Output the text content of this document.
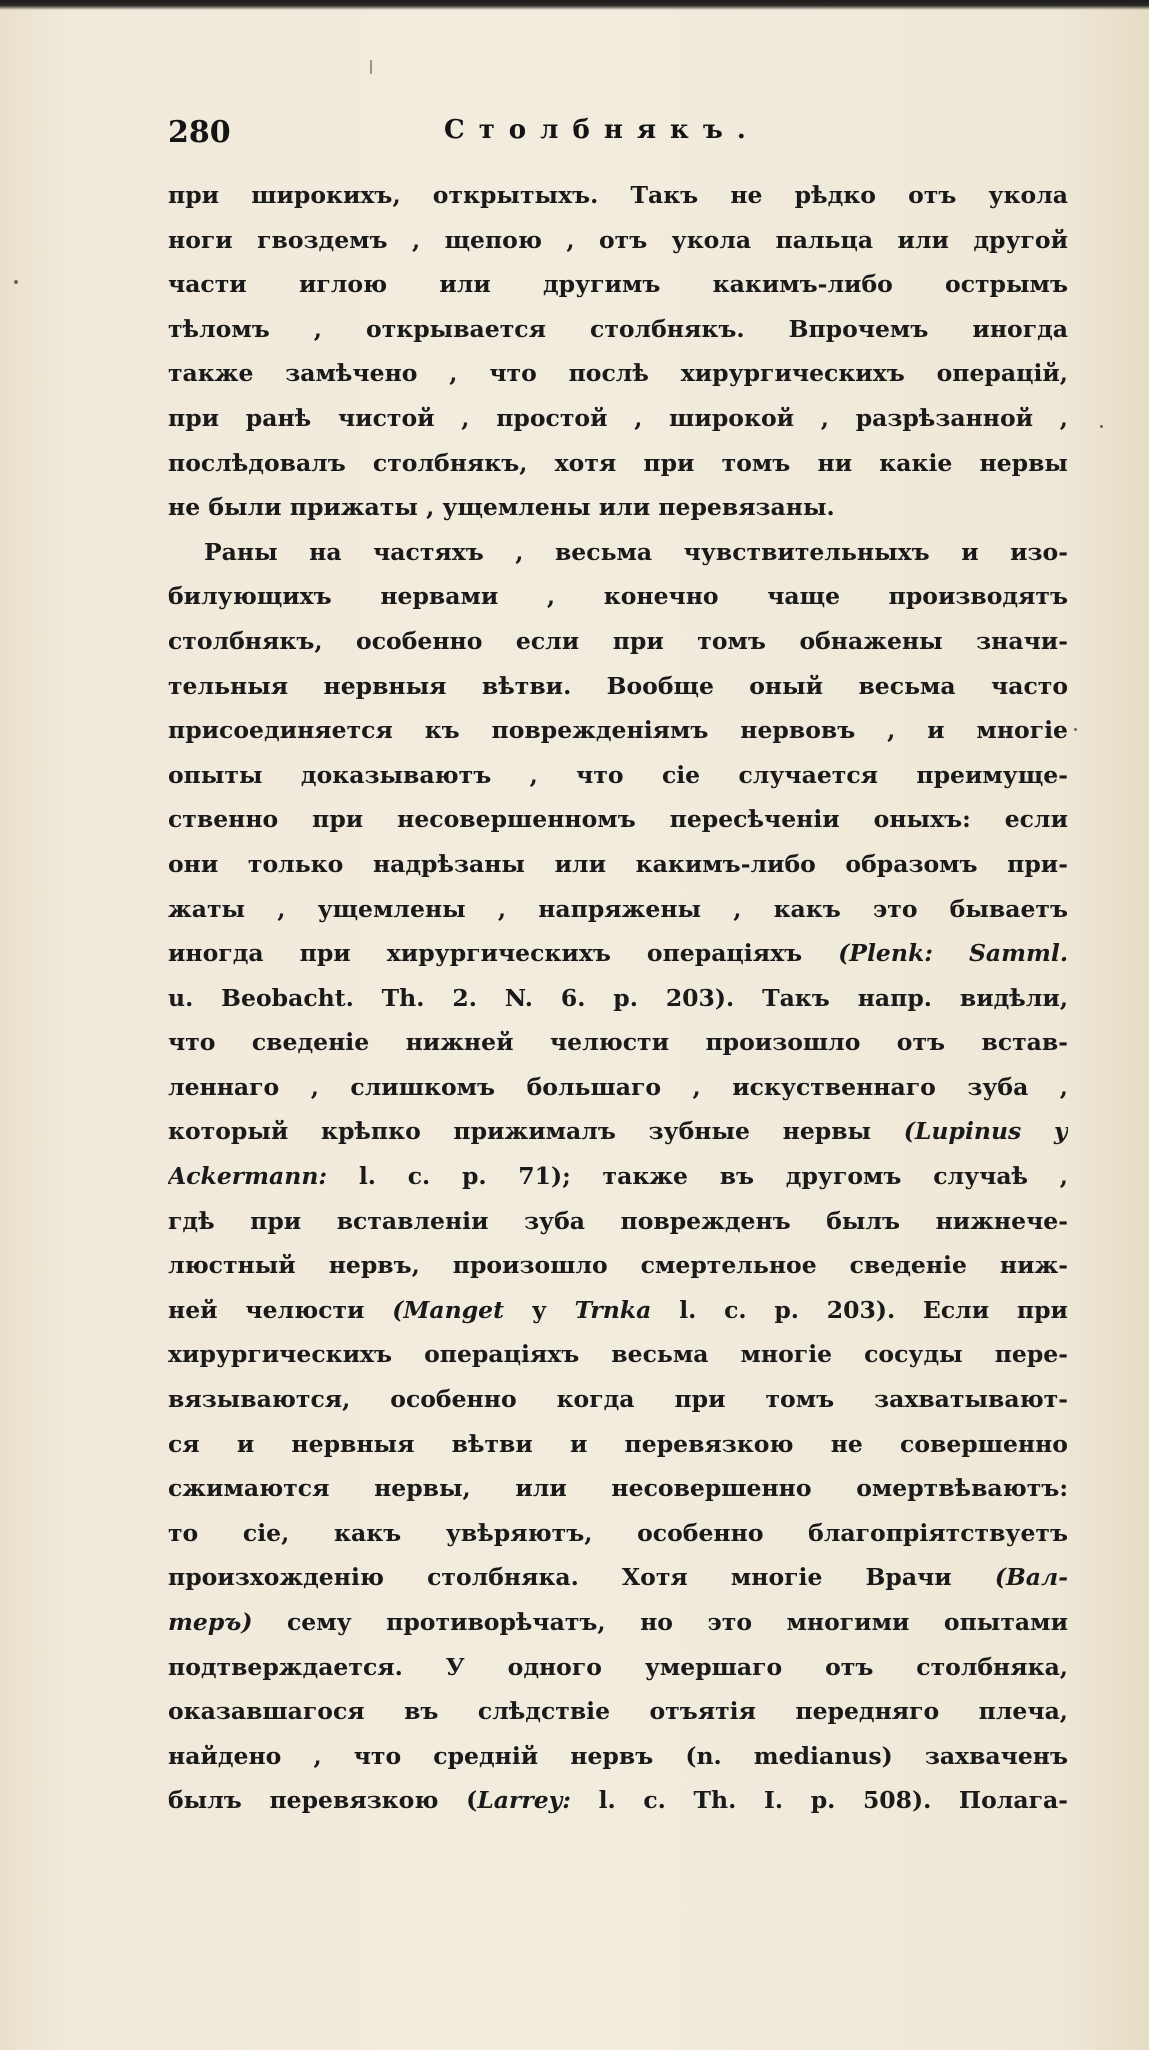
280	Столбнякъ.
при широкихъ, открытыхъ. Такъ не рѣдко отъ укола
ноги гвоздемъ , щепою , отъ укола пальца или другой
части иглою или другимъ какимъ-либо острымъ
тѣломъ , открывается столбнякъ. Впрочемъ иногда
также замѣчено , что послѣ хирургическихъ операцій,
при ранѣ чистой , простой , широкой , разрѣзанной ,
послѣдовалъ столбнякъ, хотя при томъ ни какіе нервы
не были прижаты , ущемлены или перевязаны.
Раны на частяхъ , весьма чувствительныхъ и изо-
билующихъ нервами , конечно чаще производятъ
столбнякъ, особенно если при томъ обнажены значи-
тельныя нервныя вѣтви. Вообще оный весьма часто
присоединяется къ поврежденіямъ нервовъ , и многіе
опыты доказываютъ , что сіе случается преимуще-
ственно при несовершенномъ пересѣченіи оныхъ: если
они только надрѣзаны или какимъ-либо образомъ при-
жаты , ущемлены , напряжены , какъ это бываетъ
иногда при хирургическихъ операціяхъ (Plenk: Samml.
u. Beobacht. Th. 2. N. 6. p. 203). Такъ напр. видѣли,
что сведеніе нижней челюсти произошло отъ встав-
леннаго , слишкомъ большаго , искуственнаго зуба ,
который крѣпко прижималъ зубные нервы (Lupinus у
Ackermann: l. c. p. 71); также въ другомъ случаѣ ,
гдѣ при вставленіи зуба поврежденъ былъ нижнече-
люстный нервъ, произошло смертельное сведеніе ниж-
ней челюсти (Manget у Trnka l. c. p. 203). Если при
хирургическихъ операціяхъ весьма многіе сосуды пере-
вязываются, особенно когда при томъ захватывают-
ся и нервныя вѣтви и перевязкою не совершенно
сжимаются нервы, или несовершенно омертвѣваютъ:
то сіе, какъ увѣряютъ, особенно благопріятствуетъ
произхожденію столбняка. Хотя многіе Врачи (Вал-
теръ) сему противорѣчатъ, но это многими опытами
подтверждается. У одного умершаго отъ столбняка,
оказавшагося въ слѣдствіе отъятія передняго плеча,
найдено , что средній нервъ (n. medianus) захваченъ
былъ перевязкою (Larrey: l. c. Th. I. p. 508). Полага-
